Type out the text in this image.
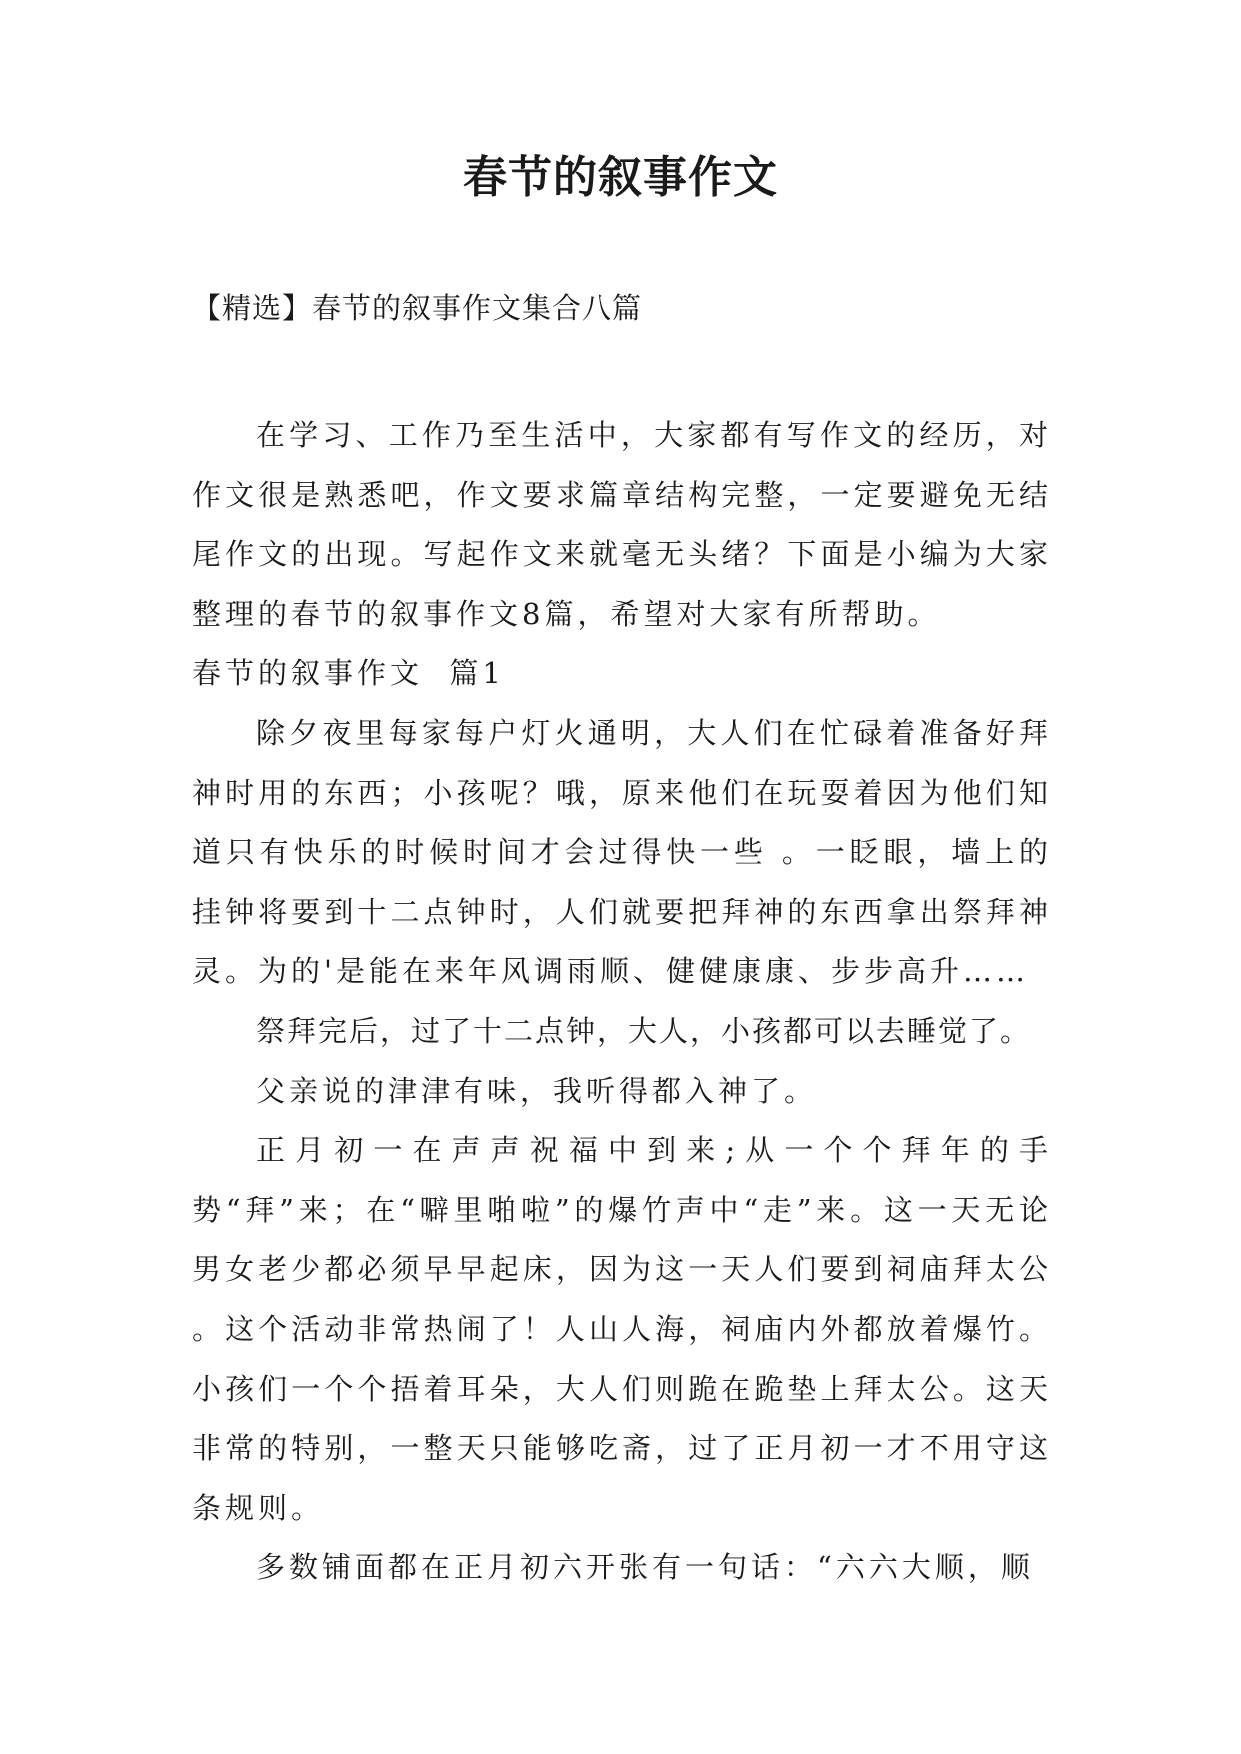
春节的叙事作文
【精选】春节的叙事作文集合八篇

在学习、工作乃至生活中，大家都有写作文的经历，对作文很是熟悉吧，作文要求篇章结构完整，一定要避免无结尾作文的出现。写起作文来就毫无头绪？下面是小编为大家整理的春节的叙事作文8篇，希望对大家有所帮助。

春节的叙事作文  篇1

除夕夜里每家每户灯火通明，大人们在忙碌着准备好拜神时用的东西；小孩呢？哦，原来他们在玩耍着因为他们知道只有快乐的时候时间才会过得快一些 。一眨眼，墙上的挂钟将要到十二点钟时，人们就要把拜神的东西拿出祭拜神灵。为的'是能在来年风调雨顺、健健康康、步步高升……

祭拜完后，过了十二点钟，大人，小孩都可以去睡觉了。

父亲说的津津有味，我听得都入神了。

正月初一在声声祝福中到来;从一个个拜年的手势“拜”来；在“噼里啪啦”的爆竹声中“走”来。这一天无论男女老少都必须早早起床，因为这一天人们要到祠庙拜太公 。这个活动非常热闹了！人山人海，祠庙内外都放着爆竹。小孩们一个个捂着耳朵，大人们则跪在跪垫上拜太公。这天非常的特别，一整天只能够吃斋，过了正月初一才不用守这条规则。

多数铺面都在正月初六开张有一句话：“六六大顺，顺
